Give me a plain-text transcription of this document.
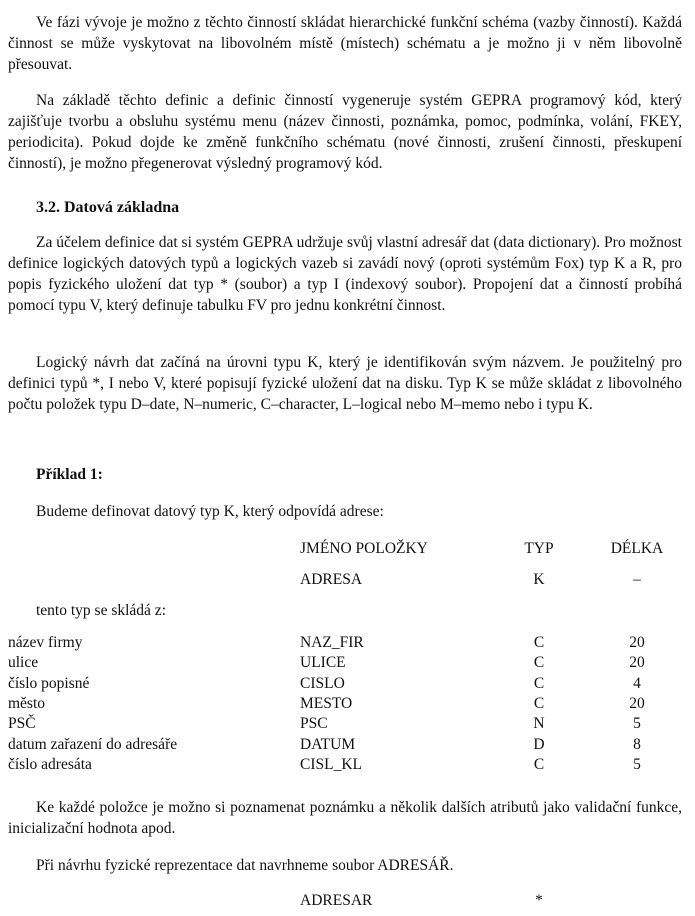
Ve fázi vývoje je možno z těchto činností skládat hierarchické funkční schéma (vazby činností). Každá činnost se může vyskytovat na libovolném místě (místech) schématu a je možno ji v něm libovolně přesouvat.

Na základě těchto definic a definic činností vygeneruje systém GEPRA programový kód, který zajišťuje tvorbu a obsluhu systému menu (název činnosti, poznámka, pomoc, podmínka, volání, FKEY, periodicita). Pokud dojde ke změně funkčního schématu (nové činnosti, zrušení činnosti, přeskupení činností), je možno přegenerovat výsledný programový kód.

3.2. Datová základna

Za účelem definice dat si systém GEPRA udržuje svůj vlastní adresář dat (data dictionary). Pro možnost definice logických datových typů a logických vazeb si zavádí nový (oproti systémům Fox) typ K a R, pro popis fyzického uložení dat typ * (soubor) a typ I (indexový soubor). Propojení dat a činností probíhá pomocí typu V, který definuje tabulku FV pro jednu konkrétní činnost.

Logický návrh dat začíná na úrovni typu K, který je identifikován svým názvem. Je použitelný pro definici typů *, I nebo V, které popisují fyzické uložení dat na disku. Typ K se může skládat z libovolného počtu položek typu D–date, N–numeric, C–character, L–logical nebo M–memo nebo i typu K.

Příklad 1:

Budeme definovat datový typ K, který odpovídá adrese:

JMÉNO POLOŽKY	TYP	DÉLKA
ADRESA	K	–

tento typ se skládá z:

název firmy	NAZ_FIR	C	20
ulice	ULICE	C	20
číslo popisné	CISLO	C	4
město	MESTO	C	20
PSČ	PSC	N	5
datum zařazení do adresáře	DATUM	D	8
číslo adresáta	CISL_KL	C	5

Ke každé položce je možno si poznamenat poznámku a několik dalších atributů jako validační funkce, inicializační hodnota apod.

Při návrhu fyzické reprezentace dat navrhneme soubor ADRESÁŘ.

ADRESAR	*
